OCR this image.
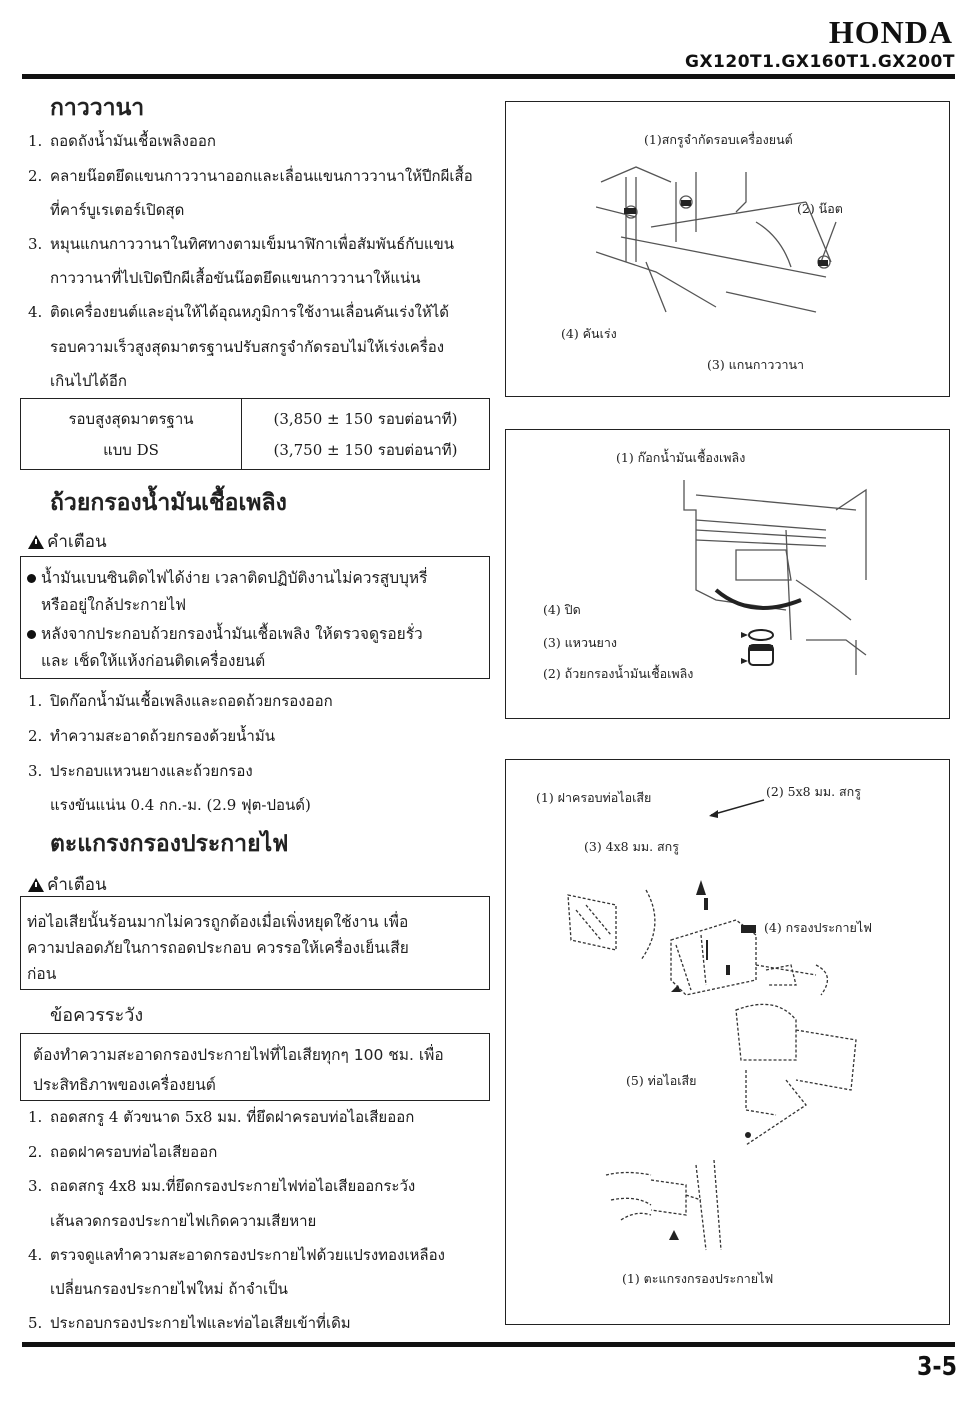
HONDA
GX120T1.GX160T1.GX200T
กาววานา
1. ถอดถังน้ำมันเชื้อเพลิงออก
2. คลายน๊อตยึดแขนกาววานาออกและเลื่อนแขนกาววานาให้ปีกผีเสื้อ
ที่คาร์บูเรเตอร์เปิดสุด
3. หมุนแกนกาววานาในทิศทางตามเข็มนาฬิกาเพื่อสัมพันธ์กับแขน
กาววานาที่ไปเปิดปีกผีเสื้อขันน๊อตยึดแขนกาววานาให้แน่น
4. ติดเครื่องยนต์และอุ่นให้ได้อุณหภูมิการใช้งานเลื่อนคันเร่งให้ได้
รอบความเร็วสูงสุดมาตรฐานปรับสกรูจำกัดรอบไม่ให้เร่งเครื่อง
เกินไปได้อีก
รอบสูงสุดมาตรฐาน
แบบ DS
(3,850 ± 150 รอบต่อนาที)
(3,750 ± 150 รอบต่อนาที)
ถ้วยกรองน้ำมันเชื้อเพลิง
คำเตือน
น้ำมันเบนซินติดไฟได้ง่าย เวลาติดปฏิบัติงานไม่ควรสูบบุหรี่
หรืออยู่ใกล้ประกายไฟ
หลังจากประกอบถ้วยกรองน้ำมันเชื้อเพลิง ให้ตรวจดูรอยรั่ว
และ เช็ดให้แห้งก่อนติดเครื่องยนต์
1. ปิดก๊อกน้ำมันเชื้อเพลิงและถอดถ้วยกรองออก
2. ทำความสะอาดถ้วยกรองด้วยน้ำมัน
3. ประกอบแหวนยางและถ้วยกรอง
แรงขันแน่น 0.4 กก.-ม. (2.9 ฟุต-ปอนด์)
ตะแกรงกรองประกายไฟ
คำเตือน
ท่อไอเสียนั้นร้อนมากไม่ควรถูกต้องเมื่อเพิ่งหยุดใช้งาน เพื่อ
ความปลอดภัยในการถอดประกอบ ควรรอให้เครื่องเย็นเสีย
ก่อน
ข้อควรระวัง
ต้องทำความสะอาดกรองประกายไฟที่ไอเสียทุกๆ 100 ชม. เพื่อ
ประสิทธิภาพของเครื่องยนต์
1. ถอดสกรู 4 ตัวขนาด 5x8 มม. ที่ยึดฝาครอบท่อไอเสียออก
2. ถอดฝาครอบท่อไอเสียออก
3. ถอดสกรู 4x8 มม.ที่ยึดกรองประกายไฟท่อไอเสียออกระวัง
เส้นลวดกรองประกายไฟเกิดความเสียหาย
4. ตรวจดูแลทำความสะอาดกรองประกายไฟด้วยแปรงทองเหลือง
เปลี่ยนกรองประกายไฟใหม่ ถ้าจำเป็น
5. ประกอบกรองประกายไฟและท่อไอเสียเข้าที่เดิม
(1)สกรูจำกัดรอบเครื่องยนต์
(2) น๊อต
(4) คันเร่ง
(3) แกนกาววานา
(1) ก๊อกน้ำมันเชื้องเพลิง
(4) ปิด
(3) แหวนยาง
(2) ถ้วยกรองน้ำมันเชื้อเพลิง
(1) ฝาครอบท่อไอเสีย	(2) 5x8 มม. สกรู
(3) 4x8 มม. สกรู
(4) กรองประกายไฟ
(5) ท่อไอเสีย
(1) ตะแกรงกรองประกายไฟ
3-5
